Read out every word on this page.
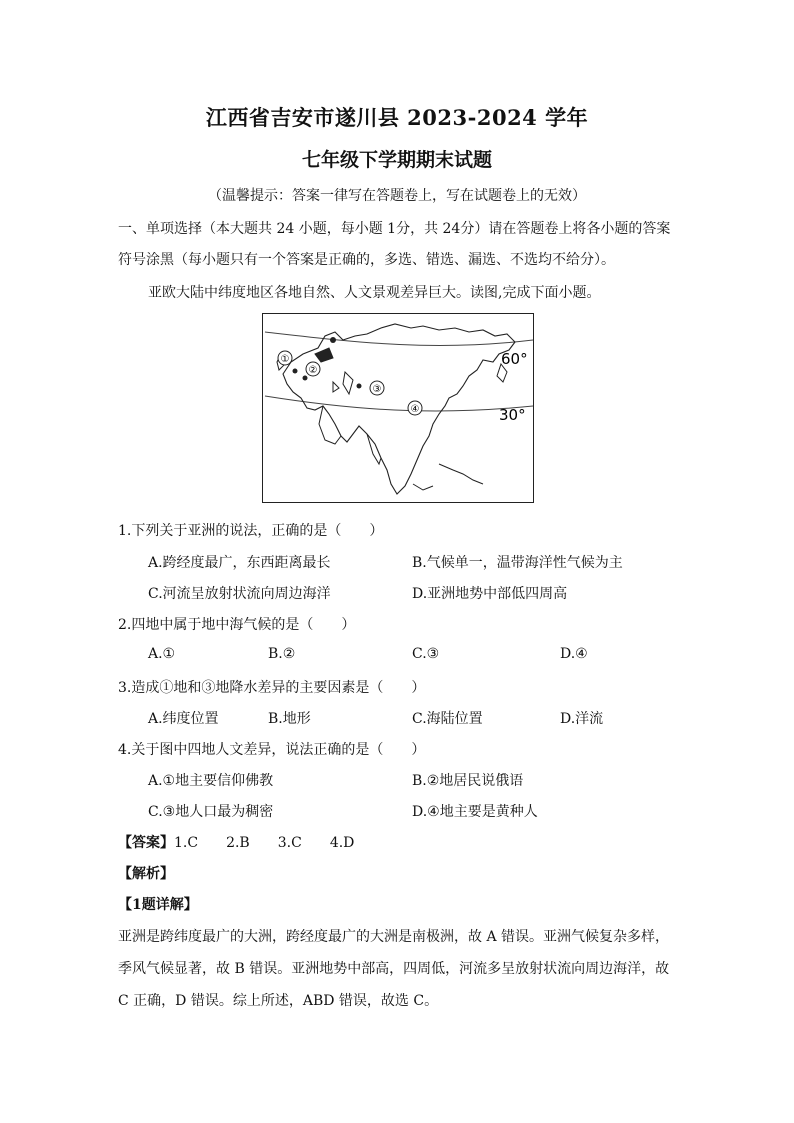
江西省吉安市遂川县 2023-2024 学年
七年级下学期期末试题
（温馨提示：答案一律写在答题卷上，写在试题卷上的无效）
一、单项选择（本大题共 24 小题，每小题 1分，共 24分）请在答题卷上将各小题的答案
符号涂黑（每小题只有一个答案是正确的，多选、错选、漏选、不选均不给分）。
亚欧大陆中纬度地区各地自然、人文景观差异巨大。读图,完成下面小题。
①
②
③
④
60°
30°
1.下列关于亚洲的说法，正确的是（　　）
A.跨经度最广，东西距离最长	B.气候单一，温带海洋性气候为主
C.河流呈放射状流向周边海洋	D.亚洲地势中部低四周高
2.四地中属于地中海气候的是（　　）
A.①	B.②	C.③	D.④
3.造成①地和③地降水差异的主要因素是（　　）
A.纬度位置	B.地形	C.海陆位置	D.洋流
4.关于图中四地人文差异，说法正确的是（　　）
A.①地主要信仰佛教	B.②地居民说俄语
C.③地人口最为稠密	D.④地主要是黄种人
【答案】1.C 2.B 3.C 4.D
【解析】
【1题详解】
亚洲是跨纬度最广的大洲，跨经度最广的大洲是南极洲，故 A 错误。亚洲气候复杂多样，
季风气候显著，故 B 错误。亚洲地势中部高，四周低，河流多呈放射状流向周边海洋，故
C 正确，D 错误。综上所述，ABD 错误，故选 C。
